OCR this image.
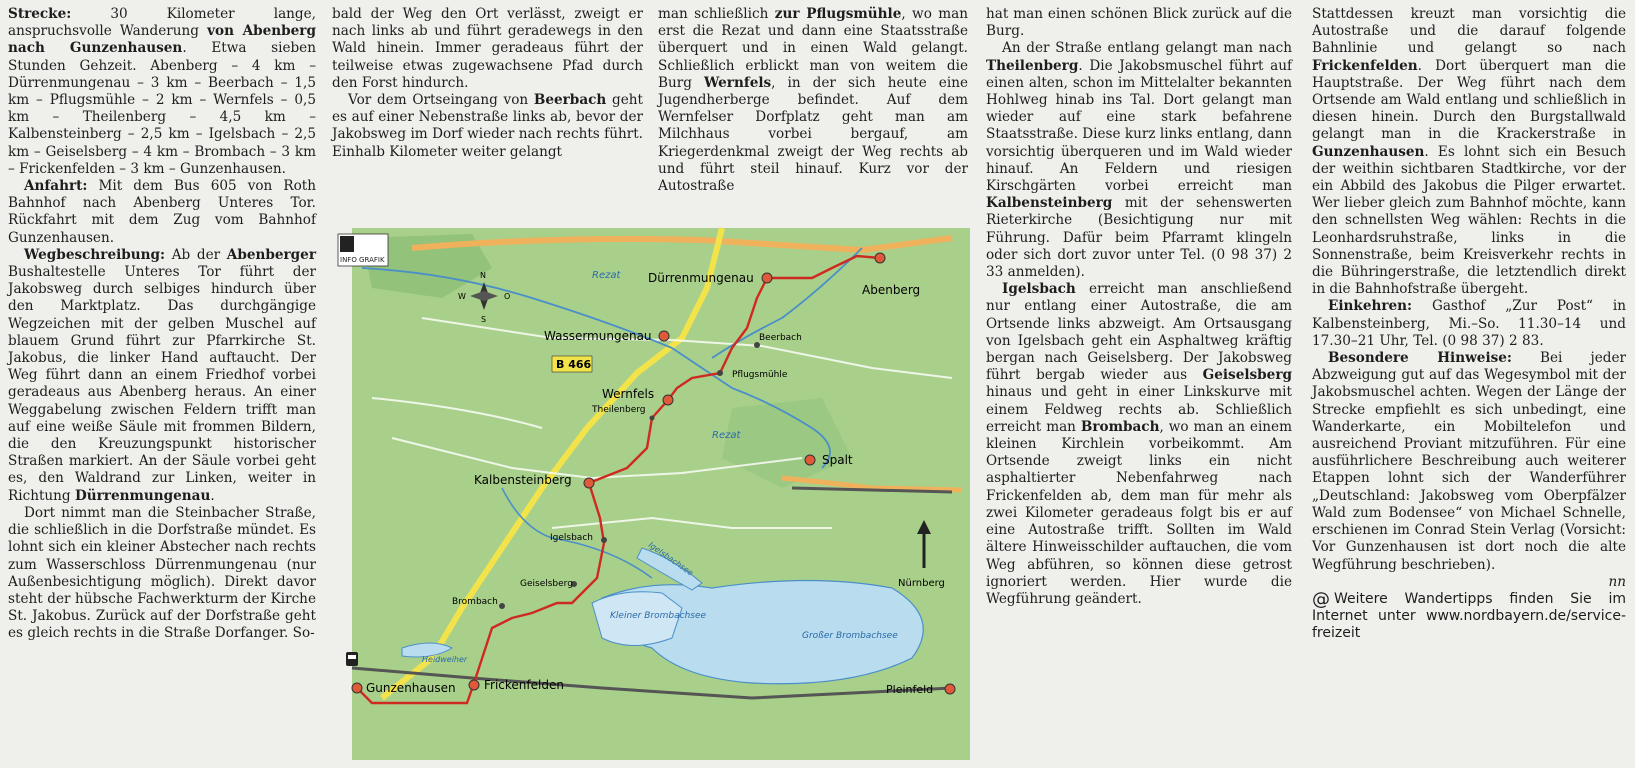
Strecke: 30 Kilometer lange, anspruchsvolle Wanderung von Abenberg nach Gunzenhausen. Etwa sieben Stunden Gehzeit. Abenberg – 4 km – Dürrenmungenau – 3 km – Beerbach – 1,5 km – Pflugsmühle – 2 km – Wernfels – 0,5 km – Theilenberg – 4,5 km – Kalbensteinberg – 2,5 km – Igelsbach – 2,5 km – Geiselsberg – 4 km – Brombach – 3 km – Frickenfelden – 3 km – Gunzenhausen.

Anfahrt: Mit dem Bus 605 von Roth Bahnhof nach Abenberg Unteres Tor. Rückfahrt mit dem Zug vom Bahnhof Gunzenhausen.

Wegbeschreibung: Ab der Abenberger Bushaltestelle Unteres Tor führt der Jakobsweg durch selbiges hindurch über den Marktplatz. Das durchgängige Wegzeichen mit der gelben Muschel auf blauem Grund führt zur Pfarrkirche St. Jakobus, die linker Hand auftaucht. Der Weg führt dann an einem Friedhof vorbei geradeaus aus Abenberg heraus. An einer Weggabelung zwischen Feldern trifft man auf eine weiße Säule mit frommen Bildern, die den Kreuzungspunkt historischer Straßen markiert. An der Säule vorbei geht es, den Waldrand zur Linken, weiter in Richtung Dürrenmungenau.

Dort nimmt man die Steinbacher Straße, die schließlich in die Dorfstraße mündet. Es lohnt sich ein kleiner Abstecher nach rechts zum Wasserschloss Dürrenmungenau (nur Außenbesichtigung möglich). Direkt davor steht der hübsche Fachwerkturm der Kirche St. Jakobus. Zurück auf der Dorfstraße geht es gleich rechts in die Straße Dorfanger. So-

bald der Weg den Ort verlässt, zweigt er nach links ab und führt geradewegs in den Wald hinein. Immer geradeaus führt der teilweise etwas zugewachsene Pfad durch den Forst hindurch.

Vor dem Ortseingang von Beerbach geht es auf einer Nebenstraße links ab, bevor der Jakobsweg im Dorf wieder nach rechts führt. Einhalb Kilometer weiter gelangt

man schließlich zur Pflugsmühle, wo man erst die Rezat und dann eine Staatsstraße überquert und in einen Wald gelangt. Schließlich erblickt man von weitem die Burg Wernfels, in der sich heute eine Jugendherberge befindet. Auf dem Wernfelser Dorfplatz geht man am Milchhaus vorbei bergauf, am Kriegerdenkmal zweigt der Weg rechts ab und führt steil hinauf. Kurz vor der Autostraße

hat man einen schönen Blick zurück auf die Burg.

An der Straße entlang gelangt man nach Theilenberg. Die Jakobsmuschel führt auf einen alten, schon im Mittelalter bekannten Hohlweg hinab ins Tal. Dort gelangt man wieder auf eine stark befahrene Staatsstraße. Diese kurz links entlang, dann vorsichtig überqueren und im Wald wieder hinauf. An Feldern und riesigen Kirschgärten vorbei erreicht man Kalbensteinberg mit der sehenswerten Rieterkirche (Besichtigung nur mit Führung. Dafür beim Pfarramt klingeln oder sich dort zuvor unter Tel. (0 98 37) 2 33 anmelden).

Igelsbach erreicht man anschließend nur entlang einer Autostraße, die am Ortsende links abzweigt. Am Ortsausgang von Igelsbach geht ein Asphaltweg kräftig bergan nach Geiselsberg. Der Jakobsweg führt bergab wieder aus Geiselsberg hinaus und geht in einer Linkskurve mit einem Feldweg rechts ab. Schließlich erreicht man Brombach, wo man an einem kleinen Kirchlein vorbeikommt. Am Ortsende zweigt links ein nicht asphaltierter Nebenfahrweg nach Frickenfelden ab, dem man für mehr als zwei Kilometer geradeaus folgt bis er auf eine Autostraße trifft. Sollten im Wald ältere Hinweisschilder auftauchen, die vom Weg abführen, so können diese getrost ignoriert werden. Hier wurde die Wegführung geändert.

Stattdessen kreuzt man vorsichtig die Autostraße und die darauf folgende Bahnlinie und gelangt so nach Frickenfelden. Dort überquert man die Hauptstraße. Der Weg führt nach dem Ortsende am Wald entlang und schließlich in diesen hinein. Durch den Burgstallwald gelangt man in die Krackerstraße in Gunzenhausen. Es lohnt sich ein Besuch der weithin sichtbaren Stadtkirche, vor der ein Abbild des Jakobus die Pilger erwartet. Wer lieber gleich zum Bahnhof möchte, kann den schnellsten Weg wählen: Rechts in die Leonhardsruhstraße, links in die Sonnenstraße, beim Kreisverkehr rechts in die Bühringerstraße, die letztendlich direkt in die Bahnhofstraße übergeht.

Einkehren: Gasthof „Zur Post“ in Kalbensteinberg, Mi.–So. 11.30–14 und 17.30–21 Uhr, Tel. (0 98 37) 2 83.

Besondere Hinweise: Bei jeder Abzweigung gut auf das Wegesymbol mit der Jakobsmuschel achten. Wegen der Länge der Strecke empfiehlt es sich unbedingt, eine Wanderkarte, ein Mobiltelefon und ausreichend Proviant mitzuführen. Für eine ausführlichere Beschreibung auch weiterer Etappen lohnt sich der Wanderführer „Deutschland: Jakobsweg vom Oberpfälzer Wald zum Bodensee“ von Michael Schnelle, erschienen im Conrad Stein Verlag (Vorsicht: Vor Gunzenhausen ist dort noch die alte Wegführung beschrieben).

nn

@ Weitere Wandertipps finden Sie im Internet unter www.nordbayern.de/service-freizeit

INFO GRAFIK
N
S
W	O
B 466
Rezat
Rezat
Igelsbachsee
Kleiner Brombachsee
Großer Brombachsee
Heidweiher
Abenberg
Dürrenmungenau
Wassermungenau	Beerbach
Pflugsmühle
Wernfels
Theilenberg
Spalt
Kalbensteinberg
Igelsbach
Geiselsberg
Brombach
Nürnberg
Gunzenhausen Frickenfelden	Pleinfeld
